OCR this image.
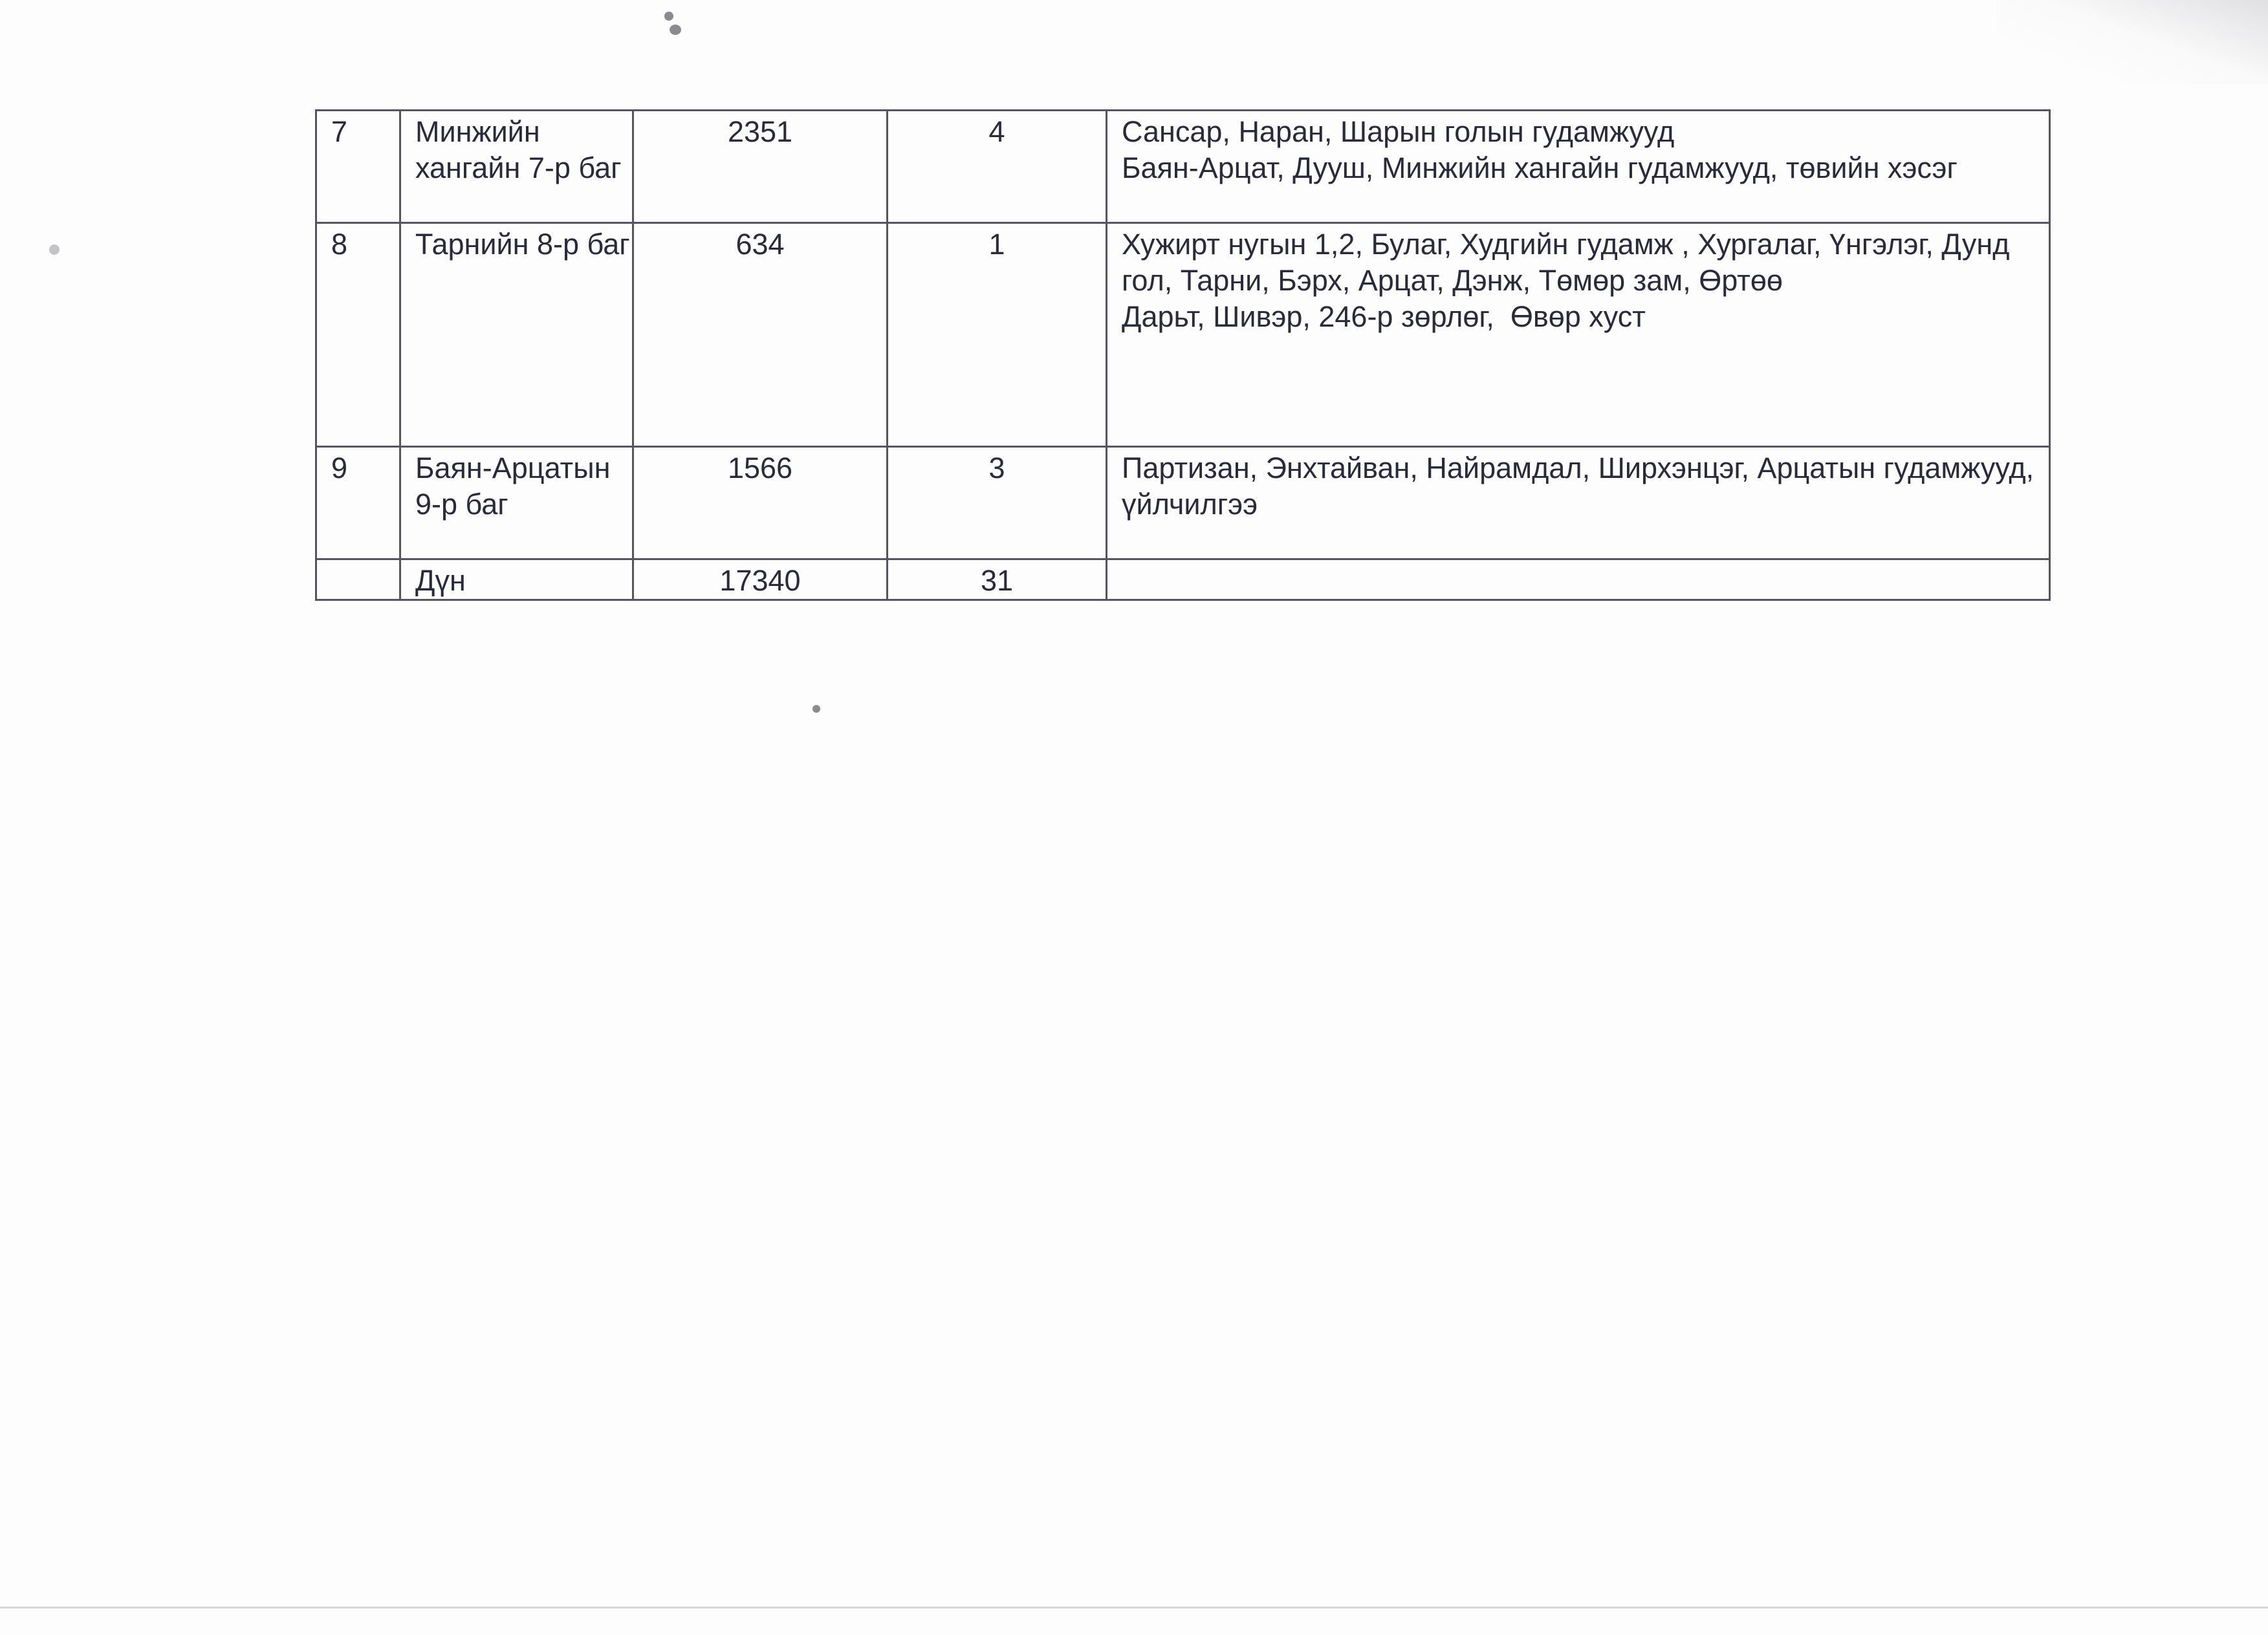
7	Минжийн хангайн 7-р баг	2351	4	Сансар, Наран, Шарын голын гудамжууд
Баян-Арцат, Дууш, Минжийн хангайн гудамжууд, төвийн хэсэг

8	Тарнийн 8-р баг	634	1	Хужирт нугын 1,2, Булаг, Худгийн гудамж , Хургалаг, Үнгэлэг, Дунд гол, Тарни, Бэрх, Арцат, Дэнж, Төмөр зам, Өртөө
Дарьт, Шивэр, 246-р зөрлөг,  Өвөр хуст

9	Баян-Арцатын 9-р баг	1566	3	Партизан, Энхтайван, Найрамдал, Ширхэнцэг, Арцатын гудамжууд, үйлчилгээ

	Дүн	17340	31	
